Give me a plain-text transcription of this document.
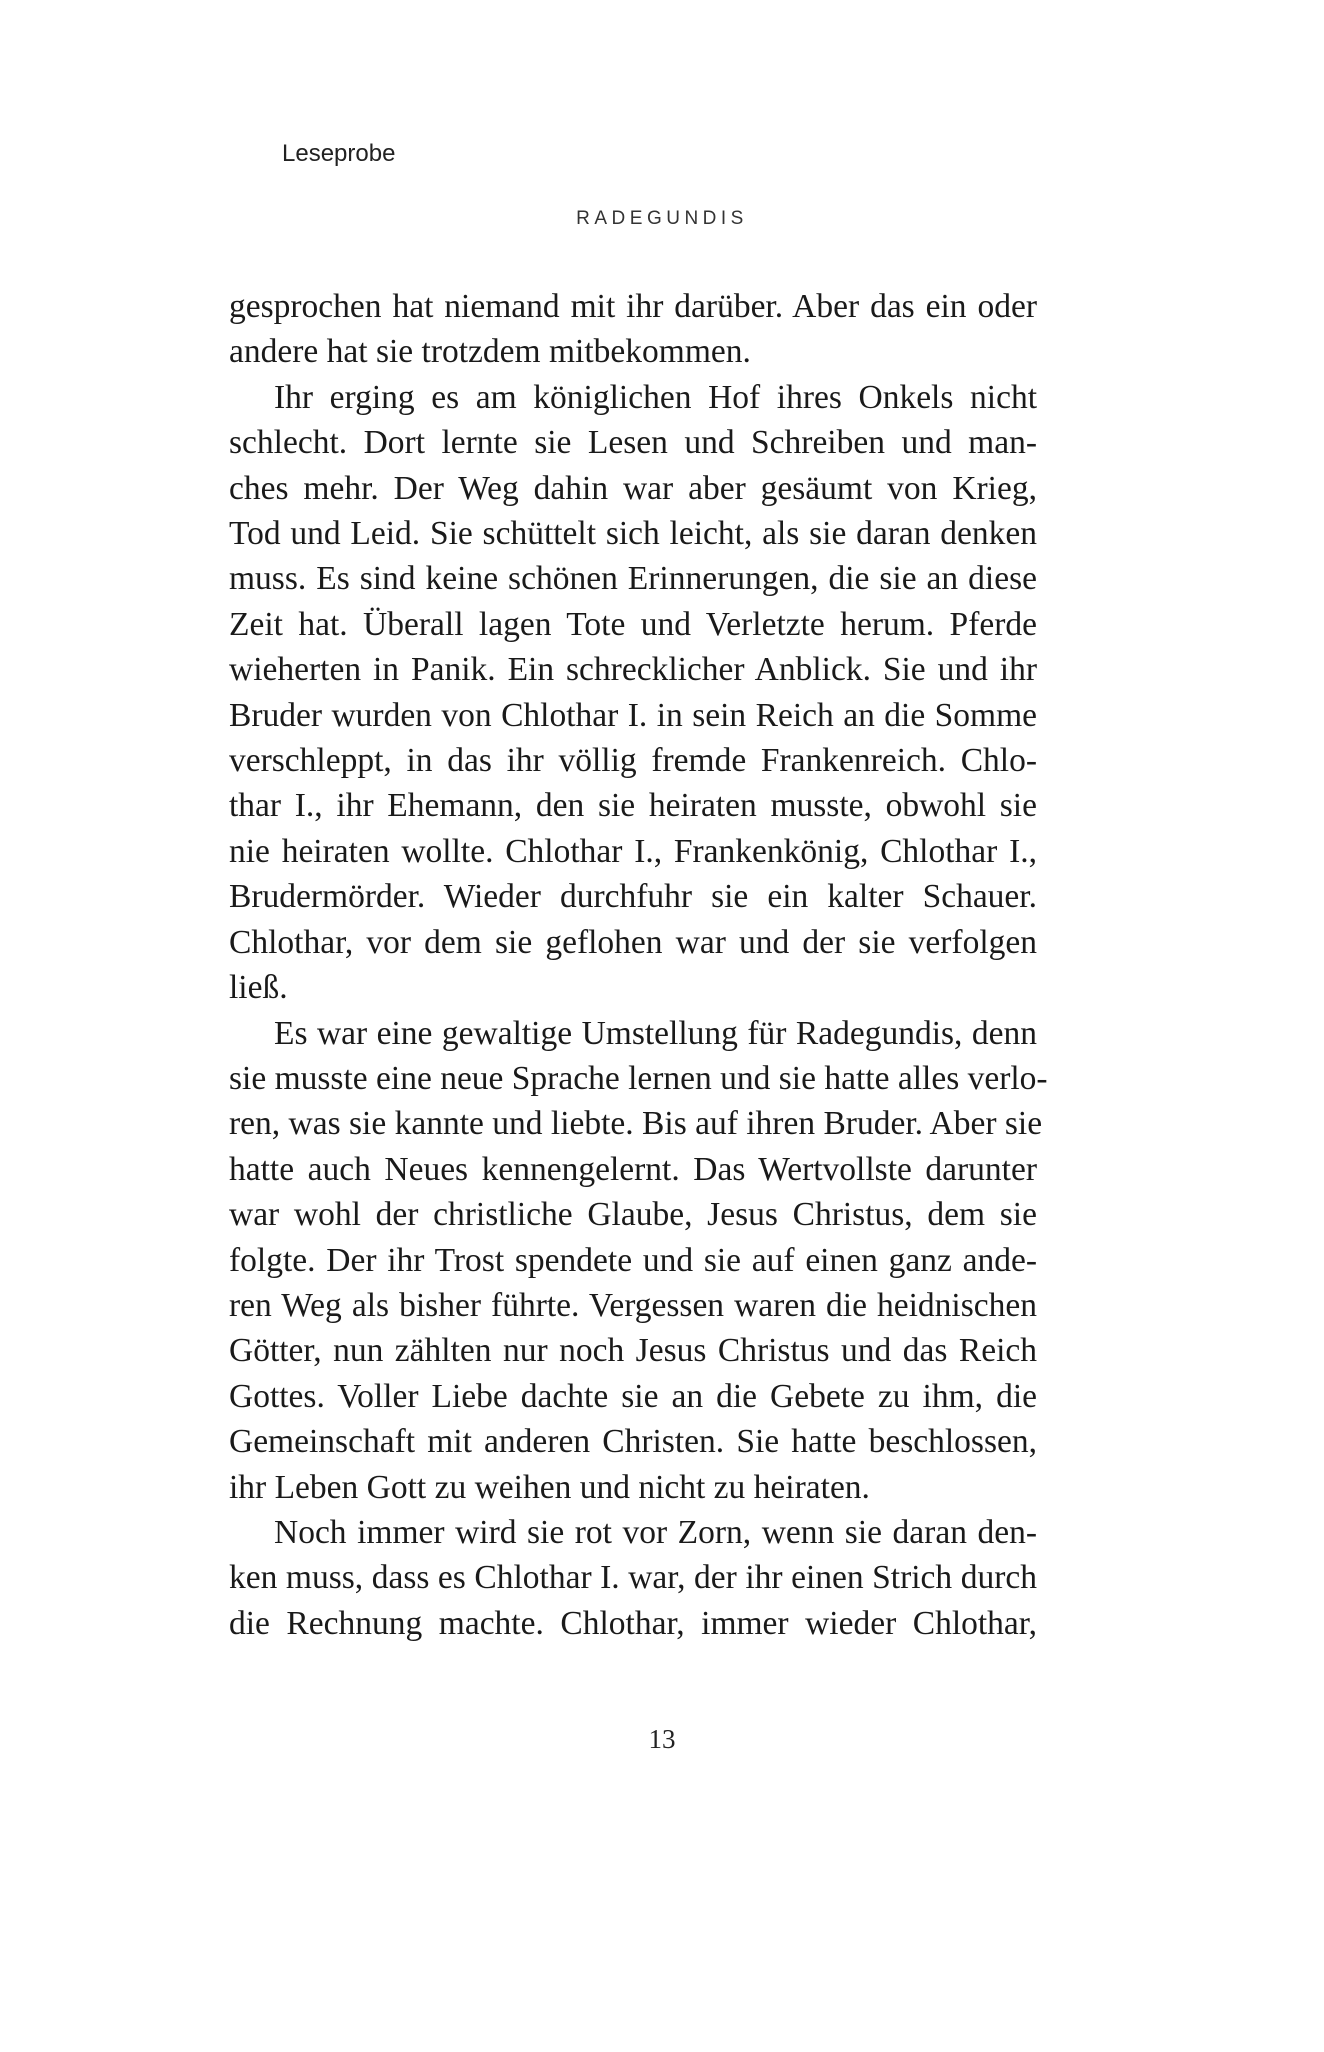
Leseprobe
RADEGUNDIS
gesprochen hat niemand mit ihr darüber. Aber das ein oder
andere hat sie trotzdem mitbekommen.
Ihr erging es am königlichen Hof ihres Onkels nicht
schlecht. Dort lernte sie Lesen und Schreiben und man-
ches mehr. Der Weg dahin war aber gesäumt von Krieg,
Tod und Leid. Sie schüttelt sich leicht, als sie daran denken
muss. Es sind keine schönen Erinnerungen, die sie an diese
Zeit hat. Überall lagen Tote und Verletzte herum. Pferde
wieherten in Panik. Ein schrecklicher Anblick. Sie und ihr
Bruder wurden von Chlothar I. in sein Reich an die Somme
verschleppt, in das ihr völlig fremde Frankenreich. Chlo-
thar I., ihr Ehemann, den sie heiraten musste, obwohl sie
nie heiraten wollte. Chlothar I., Frankenkönig, Chlothar I.,
Brudermörder. Wieder durchfuhr sie ein kalter Schauer.
Chlothar, vor dem sie geflohen war und der sie verfolgen
ließ.
Es war eine gewaltige Umstellung für Radegundis, denn
sie musste eine neue Sprache lernen und sie hatte alles verlo-
ren, was sie kannte und liebte. Bis auf ihren Bruder. Aber sie
hatte auch Neues kennengelernt. Das Wertvollste darunter
war wohl der christliche Glaube, Jesus Christus, dem sie
folgte. Der ihr Trost spendete und sie auf einen ganz ande-
ren Weg als bisher führte. Vergessen waren die heidnischen
Götter, nun zählten nur noch Jesus Christus und das Reich
Gottes. Voller Liebe dachte sie an die Gebete zu ihm, die
Gemeinschaft mit anderen Christen. Sie hatte beschlossen,
ihr Leben Gott zu weihen und nicht zu heiraten.
Noch immer wird sie rot vor Zorn, wenn sie daran den-
ken muss, dass es Chlothar I. war, der ihr einen Strich durch
die Rechnung machte. Chlothar, immer wieder Chlothar,
13
